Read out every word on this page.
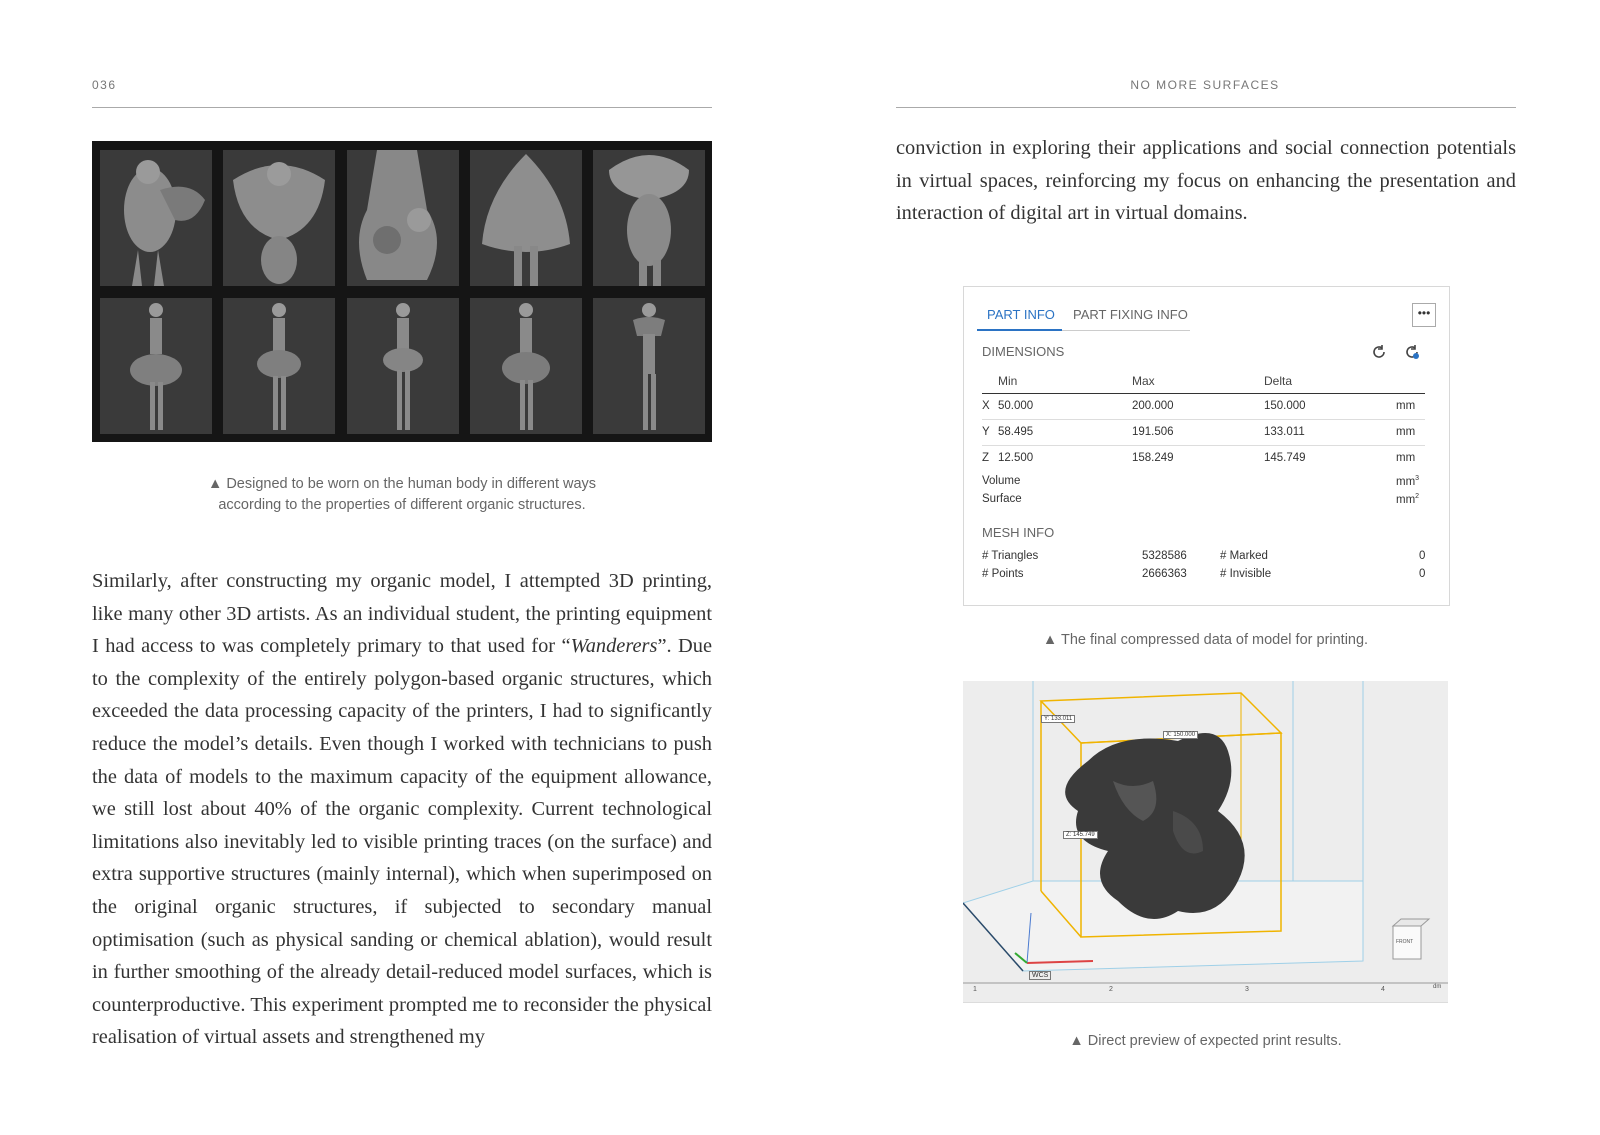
036	NO MORE SURFACES
▲ Designed to be worn on the human body in different ways
according to the properties of different organic structures.

Similarly, after constructing my organic model, I attempted 3D printing, like many other 3D artists. As an individual student, the printing equipment I had access to was completely primary to that used for “Wanderers”. Due to the complexity of the entirely polygon-based organic structures, which exceeded the data processing capacity of the printers, I had to significantly reduce the model’s details. Even though I worked with technicians to push the data of models to the maximum capacity of the equipment allowance, we still lost about 40% of the organic complexity. Current technological limitations also inevitably led to visible printing traces (on the surface) and extra supportive structures (mainly internal), which when superimposed on the original organic structures, if subjected to secondary manual optimisation (such as physical sanding or chemical ablation), would result in further smoothing of the already detail-reduced model surfaces, which is counterproductive. This experiment prompted me to reconsider the physical realisation of virtual assets and strengthened my

conviction in exploring their applications and social connection potentials in virtual spaces, reinforcing my focus on enhancing the presentation and interaction of digital art in virtual domains.

PART INFO PART FIXING INFO	•••
DIMENSIONS
Min	Max	Delta
X 50.000	200.000	150.000	mm
Y 58.495	191.506	133.011	mm
Z 12.500	158.249	145.749	mm
Volume	$mm^3$
Surface	$mm^2$
MESH INFO
# Triangles	5328586	# Marked	0
# Points	2666363	# Invisible	0
▲ The final compressed data of model for printing.
Y: 133.011
X: 150.000
Z: 145.749
WCS
FRONT
1	2	3	4	dm
▲ Direct preview of expected print results.
